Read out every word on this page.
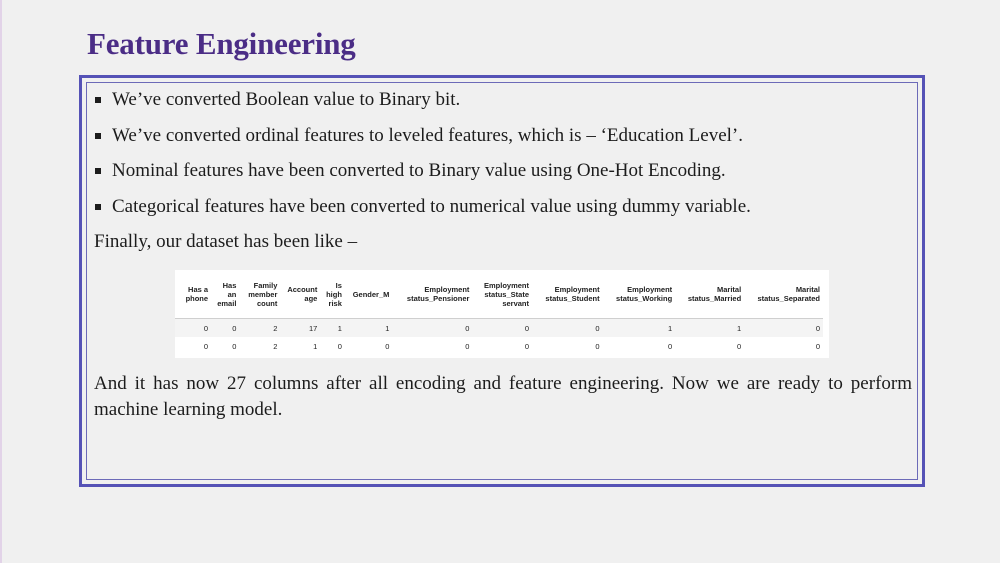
Feature Engineering
We’ve converted Boolean value to Binary bit.
We’ve converted ordinal features to leveled features, which is – ‘Education Level’.
Nominal features have been converted to Binary value using One-Hot Encoding.
Categorical features have been converted to numerical value using dummy variable.
Finally, our dataset has been like –
Has a phone	Has an email	Family member count	Account age	Is high risk	Gender_M	Employment status_Pensioner	Employment status_State servant	Employment status_Student	Employment status_Working	Marital status_Married	Marital status_Separated
0	0	2	17	1	1	0	0	0	1	1	0
0	0	2	1	0	0	0	0	0	0	0	0
And it has now 27 columns after all encoding and feature engineering. Now we are ready to perform machine learning model.
